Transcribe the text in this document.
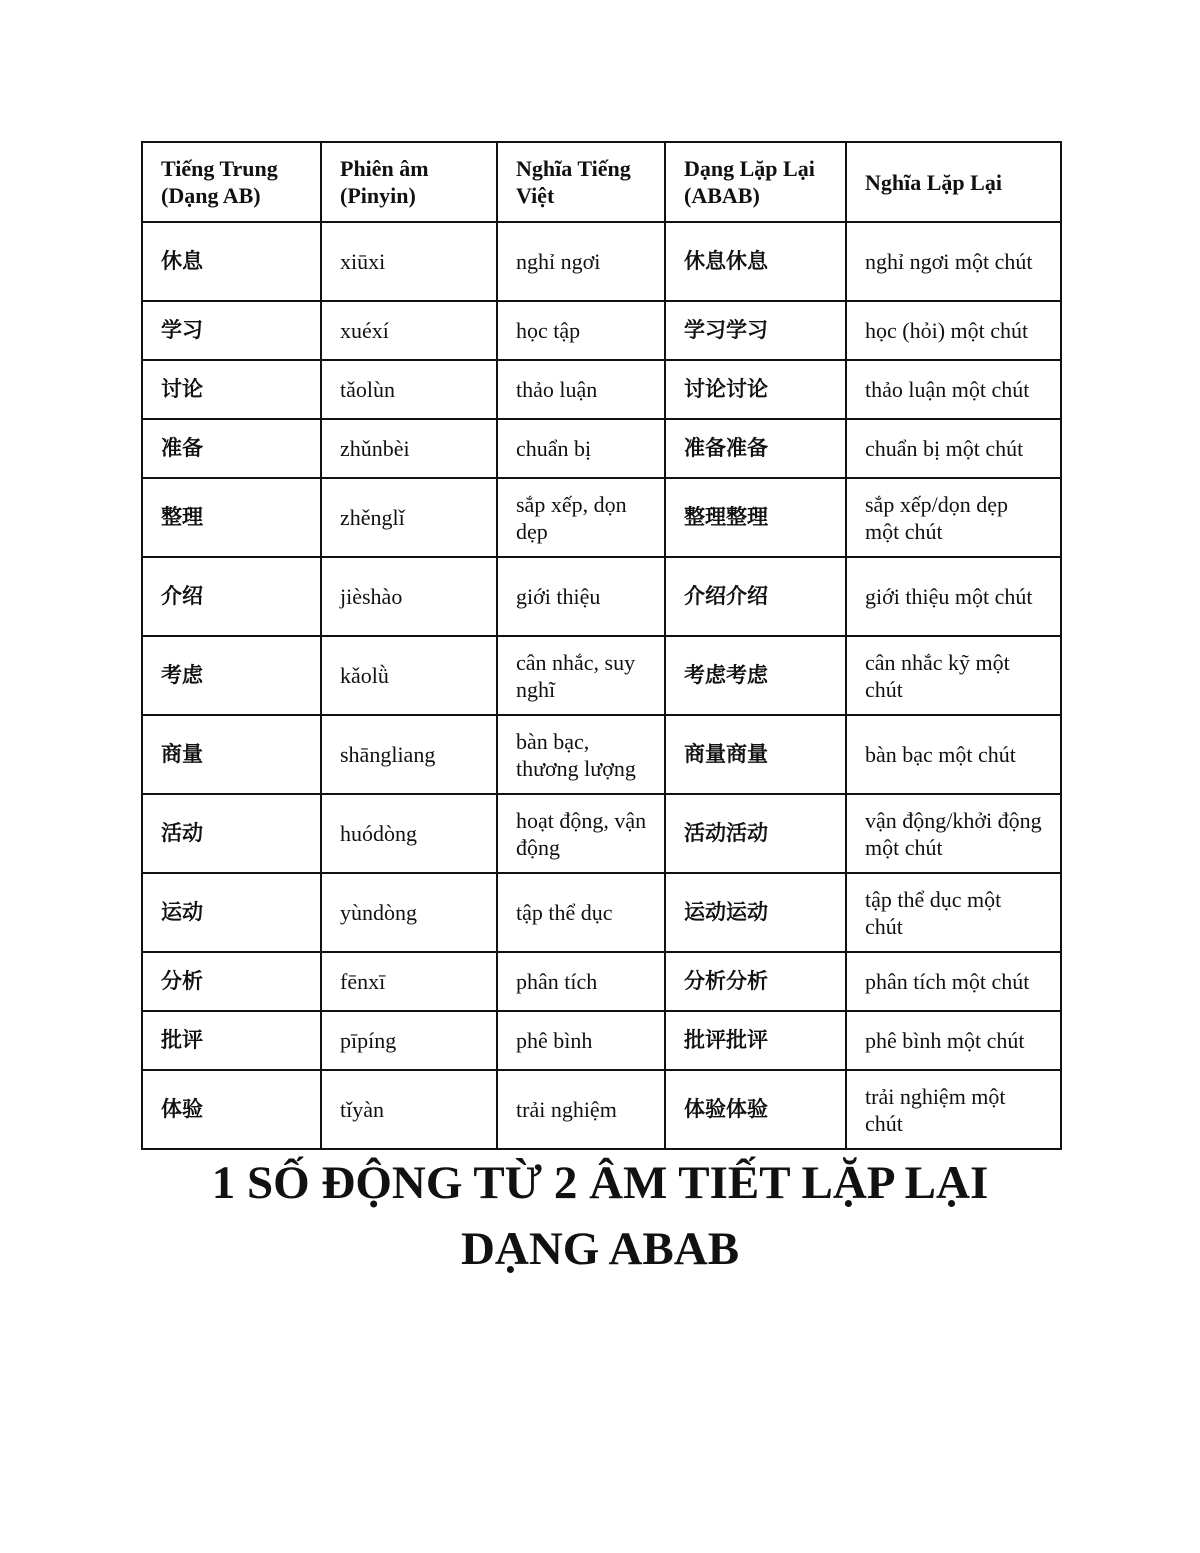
Tiếng Trung (Dạng AB)	Phiên âm (Pinyin)	Nghĩa Tiếng Việt	Dạng Lặp Lại (ABAB)	Nghĩa Lặp Lại
休息	xiūxi	nghỉ ngơi	休息休息	nghỉ ngơi một chút
学习	xuéxí	học tập	学习学习	học (hỏi) một chút
讨论	tǎolùn	thảo luận	讨论讨论	thảo luận một chút
准备	zhǔnbèi	chuẩn bị	准备准备	chuẩn bị một chút
整理	zhěnglǐ	sắp xếp, dọn dẹp	整理整理	sắp xếp/dọn dẹp một chút
介绍	jièshào	giới thiệu	介绍介绍	giới thiệu một chút
考虑	kǎolǜ	cân nhắc, suy nghĩ	考虑考虑	cân nhắc kỹ một chút
商量	shāngliang	bàn bạc, thương lượng	商量商量	bàn bạc một chút
活动	huódòng	hoạt động, vận động	活动活动	vận động/khởi động một chút
运动	yùndòng	tập thể dục	运动运动	tập thể dục một chút
分析	fēnxī	phân tích	分析分析	phân tích một chút
批评	pīpíng	phê bình	批评批评	phê bình một chút
体验	tǐyàn	trải nghiệm	体验体验	trải nghiệm một chút
1 SỐ ĐỘNG TỪ 2 ÂM TIẾT LẶP LẠI
DẠNG ABAB
